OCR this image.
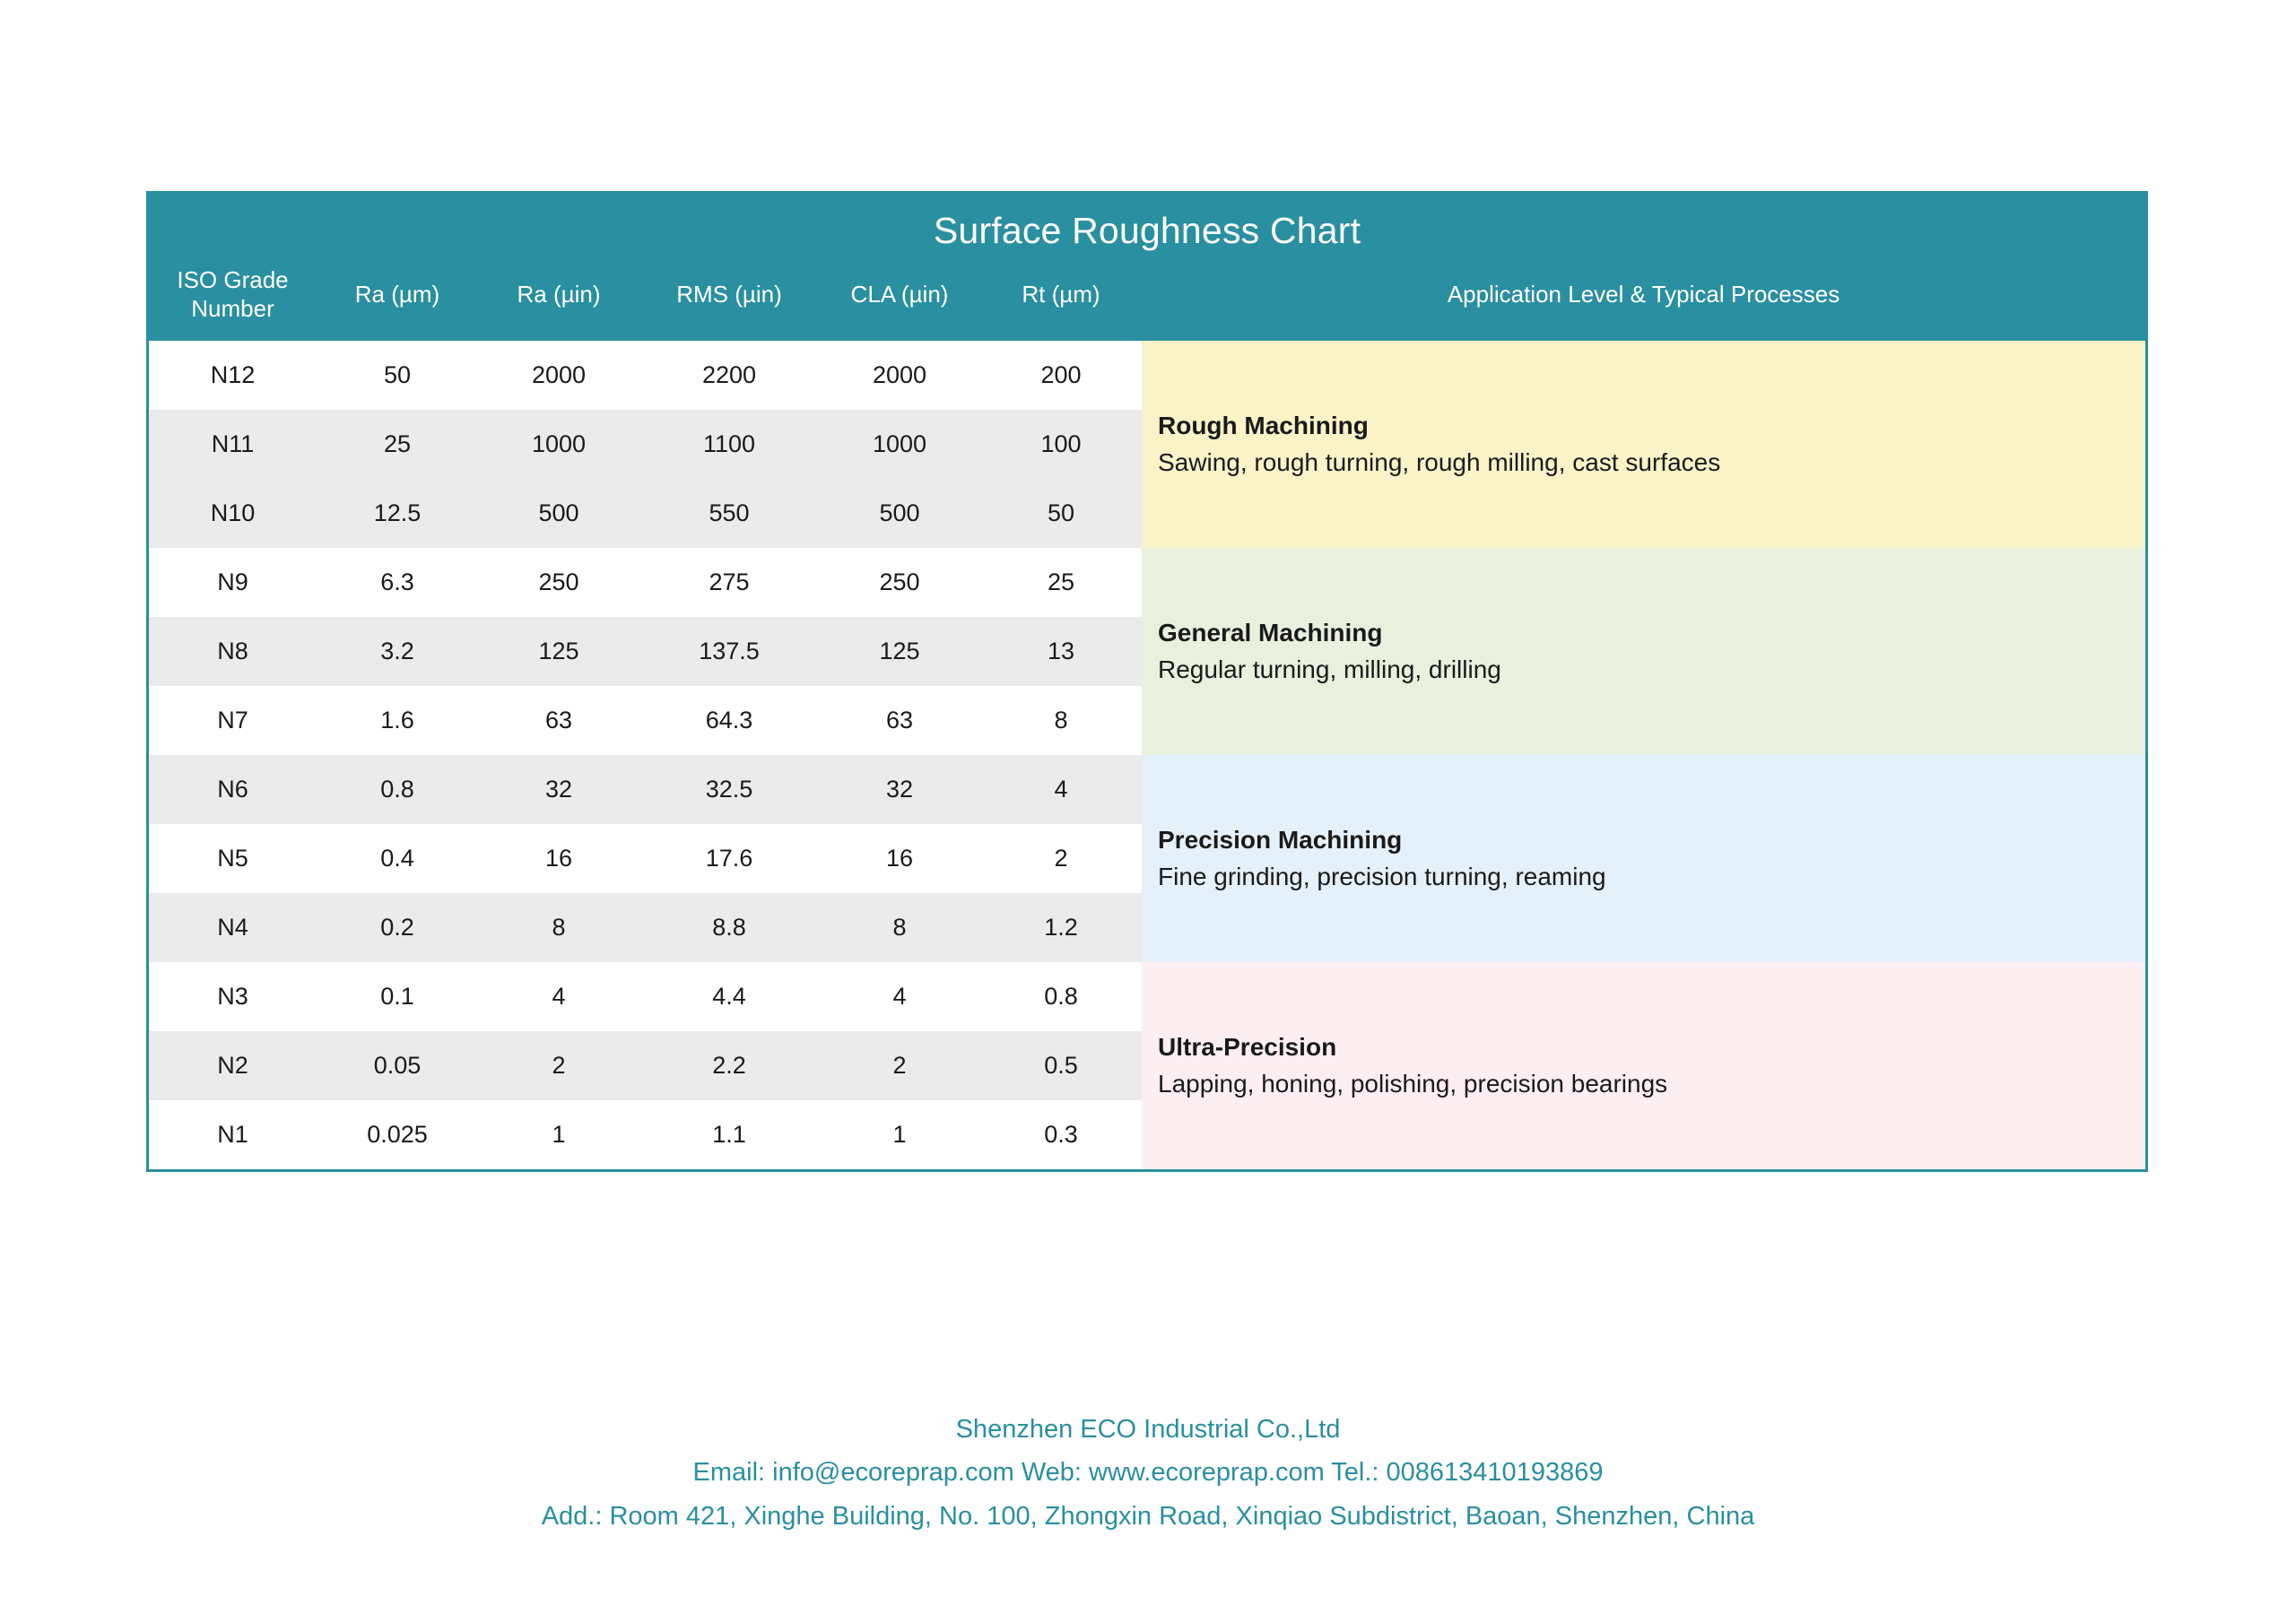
Surface Roughness Chart						
ISO Grade Number	Ra (µm)	Ra (µin)	RMS (µin)	CLA (µin)	Rt (µm)	Application Level & Typical Processes
N12	50	2000	2200	2000	200	Rough Machining
Sawing, rough turning, rough milling, cast surfaces

N11	25	1000	1100	1000	100	
N10	12.5	500	550	500	50	
N9	6.3	250	275	250	25	General Machining
Regular turning, milling, drilling

N8	3.2	125	137.5	125	13	
N7	1.6	63	64.3	63	8	
N6	0.8	32	32.5	32	4	Precision Machining
Fine grinding, precision turning, reaming

N5	0.4	16	17.6	16	2	
N4	0.2	8	8.8	8	1.2	
N3	0.1	4	4.4	4	0.8	Ultra-Precision
Lapping, honing, polishing, precision bearings

N2	0.05	2	2.2	2	0.5	
N1	0.025	1	1.1	1	0.3	
Shenzhen ECO Industrial Co.,Ltd
Email: info@ecoreprap.com Web: www.ecoreprap.com Tel.: 008613410193869
Add.: Room 421, Xinghe Building, No. 100, Zhongxin Road, Xinqiao Subdistrict, Baoan, Shenzhen, China
